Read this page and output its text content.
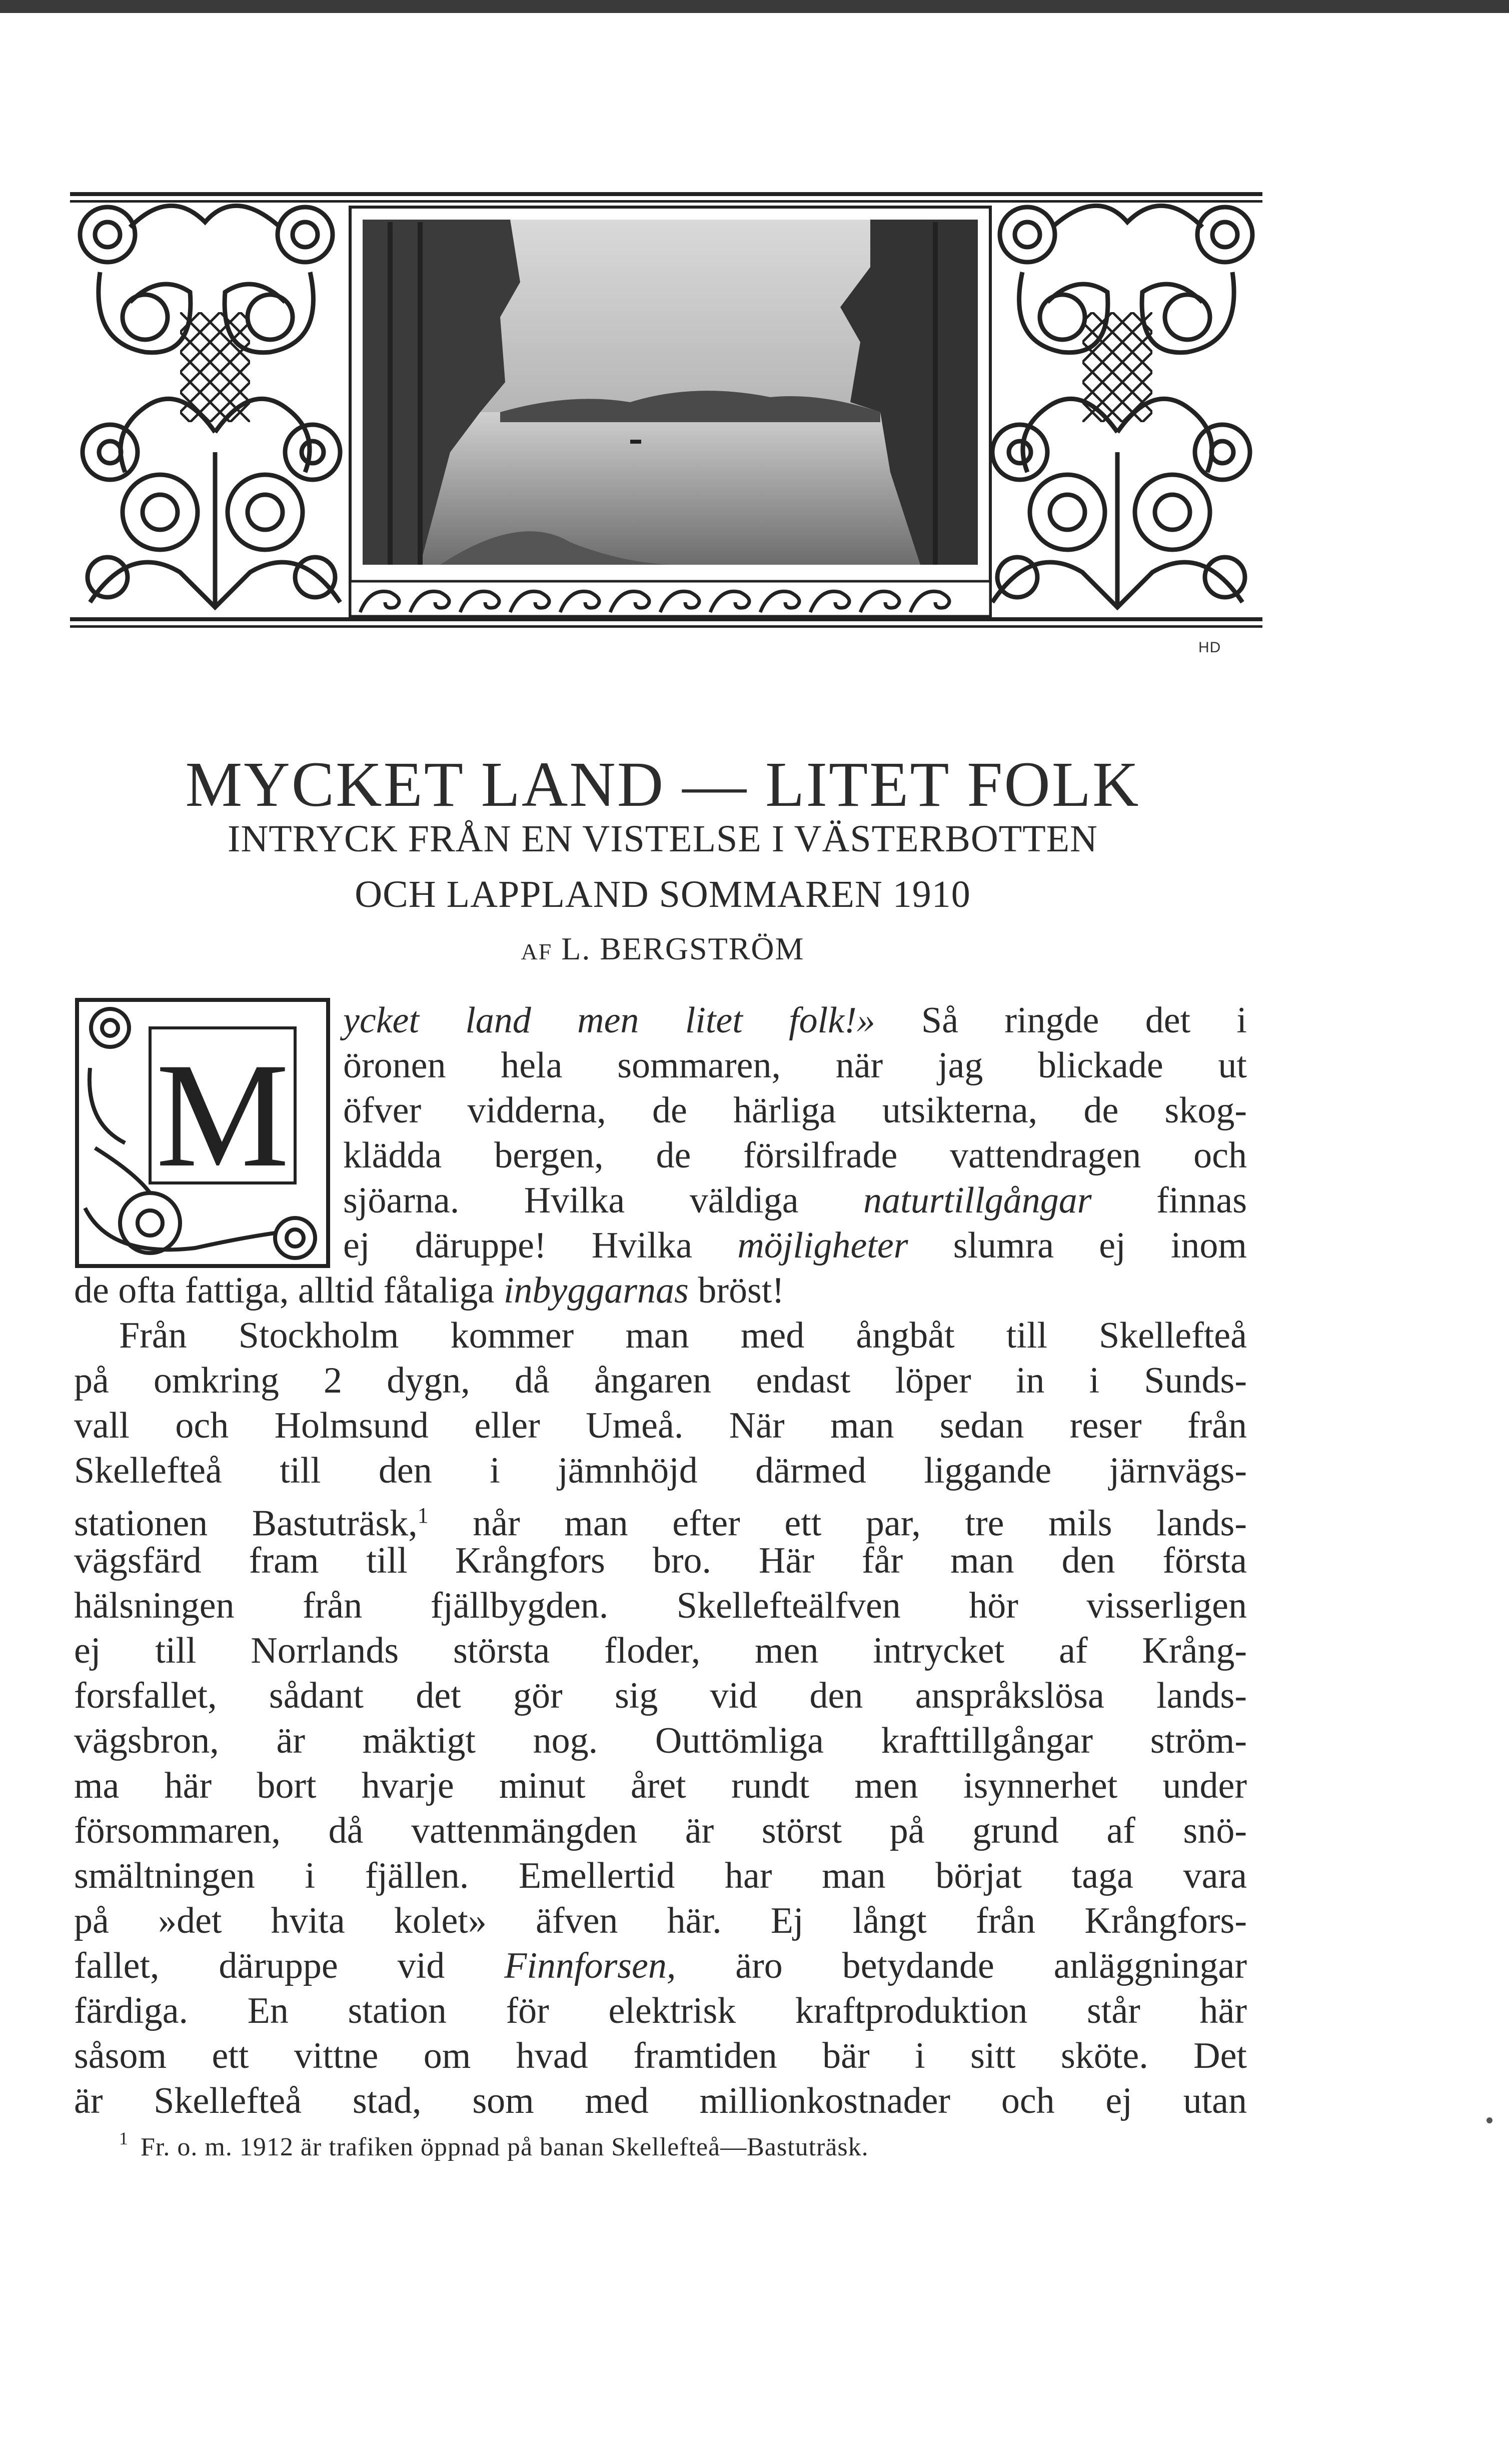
HD
MYCKET LAND — LITET FOLK
INTRYCK FRÅN EN VISTELSE I VÄSTERBOTTEN
OCH LAPPLAND SOMMAREN 1910
AF L. BERGSTRÖM
M

ycket land men litet folk!» Så ringde det i

öronen hela sommaren, när jag blickade ut

öfver vidderna, de härliga utsikterna, de skog-

klädda bergen, de försilfrade vattendragen och

sjöarna. Hvilka väldiga naturtillgångar finnas

ej däruppe! Hvilka möjligheter slumra ej inom

de ofta fattiga, alltid fåtaliga inbyggarnas bröst!

Från Stockholm kommer man med ångbåt till Skellefteå

på omkring 2 dygn, då ångaren endast löper in i Sunds-

vall och Holmsund eller Umeå. När man sedan reser från

Skellefteå till den i jämnhöjd därmed liggande järnvägs-

stationen Bastuträsk,$^1$ når man efter ett par, tre mils lands-

vägsfärd fram till Krångfors bro. Här får man den första

hälsningen från fjällbygden. Skellefteälfven hör visserligen

ej till Norrlands största floder, men intrycket af Krång-

forsfallet, sådant det gör sig vid den anspråkslösa lands-

vägsbron, är mäktigt nog. Outtömliga krafttillgångar ström-

ma här bort hvarje minut året rundt men isynnerhet under

försommaren, då vattenmängden är störst på grund af snö-

smältningen i fjällen. Emellertid har man börjat taga vara

på »det hvita kolet» äfven här. Ej långt från Krångfors-

fallet, däruppe vid Finnforsen, äro betydande anläggningar

färdiga. En station för elektrisk kraftproduktion står här

såsom ett vittne om hvad framtiden bär i sitt sköte. Det

är Skellefteå stad, som med millionkostnader och ej utan

$^1$ Fr. o. m. 1912 är trafiken öppnad på banan Skellefteå—Bastuträsk.
